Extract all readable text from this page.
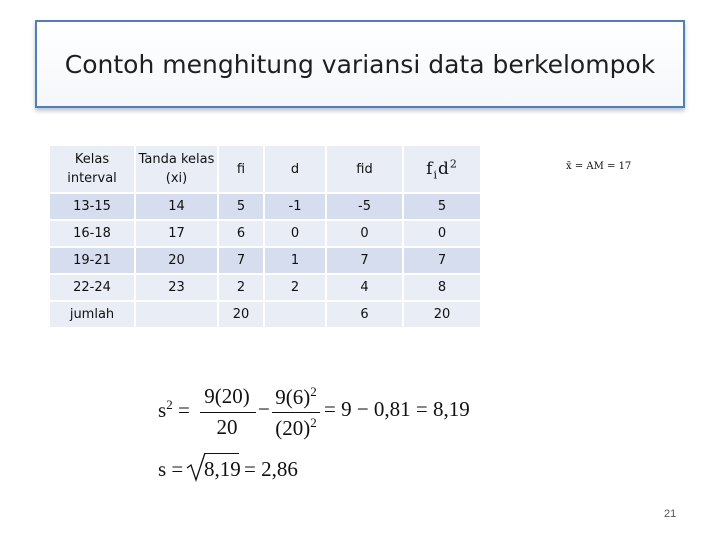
Contoh menghitung variansi data berkelompok
Kelas interval	Tanda kelas (xi)	fi	d	fid	$f_id^2$
13-15	14	5	-1	-5	5
16-18	17	6	0	0	0
19-21	20	7	1	7	7
22-24	23	2	2	4	8
jumlah		20		6	20
x̄ = AM = 17
$s^2$ =
9(20)
20
− $9(6)^2$
$(20)^2$
= 9 − 0,81 = 8,19
s = 8,19 = 2,86
21
